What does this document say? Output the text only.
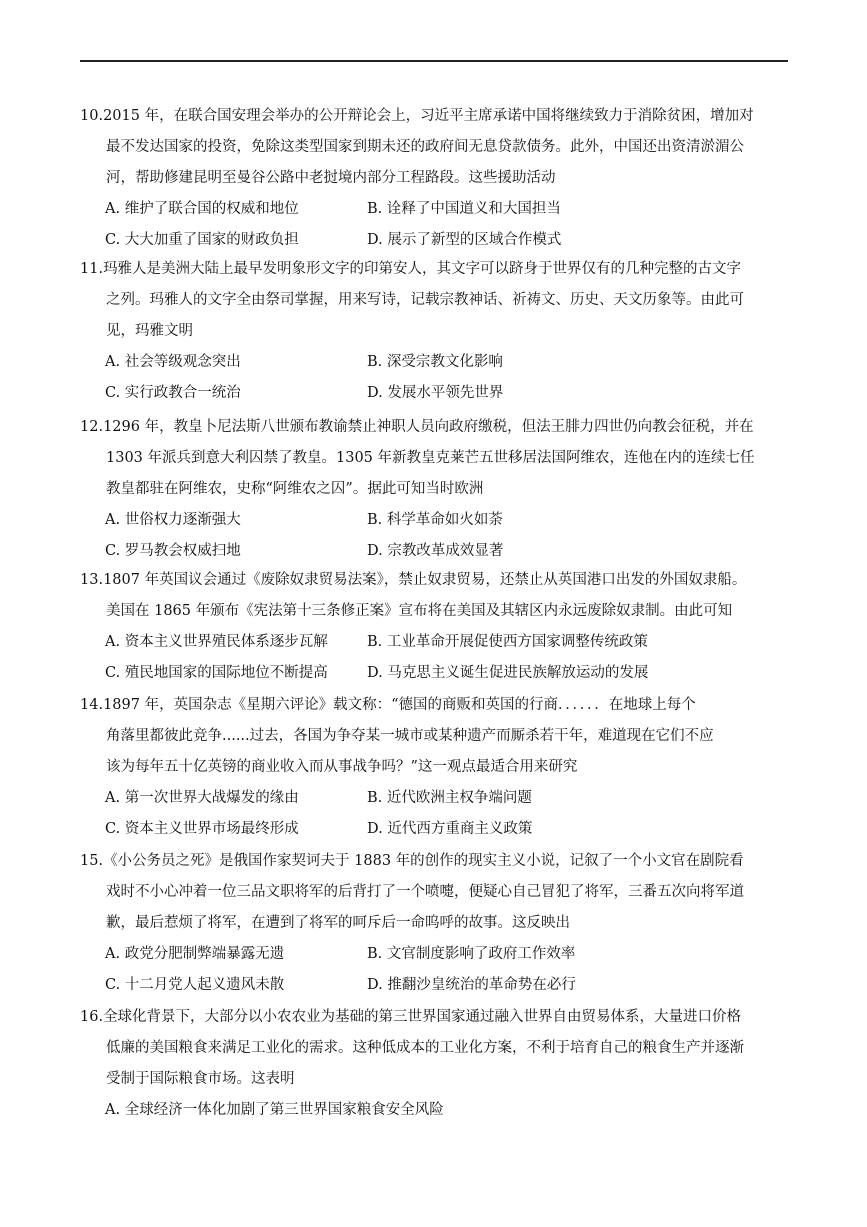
10.2015 年，在联合国安理会举办的公开辩论会上，习近平主席承诺中国将继续致力于消除贫困，增加对
最不发达国家的投资，免除这类型国家到期未还的政府间无息贷款债务。此外，中国还出资清淤湄公
河，帮助修建昆明至曼谷公路中老挝境内部分工程路段。这些援助活动
A. 维护了联合国的权威和地位	B. 诠释了中国道义和大国担当
C. 大大加重了国家的财政负担	D. 展示了新型的区域合作模式
11.玛雅人是美洲大陆上最早发明象形文字的印第安人，其文字可以跻身于世界仅有的几种完整的古文字
之列。玛雅人的文字全由祭司掌握，用来写诗，记载宗教神话、祈祷文、历史、天文历象等。由此可
见，玛雅文明
A. 社会等级观念突出	B. 深受宗教文化影响
C. 实行政教合一统治	D. 发展水平领先世界
12.1296 年，教皇卜尼法斯八世颁布教谕禁止神职人员向政府缴税，但法王腓力四世仍向教会征税，并在
1303 年派兵到意大利囚禁了教皇。1305 年新教皇克莱芒五世移居法国阿维农，连他在内的连续七任
教皇都驻在阿维农，史称“阿维农之囚”。据此可知当时欧洲
A. 世俗权力逐渐强大	B. 科学革命如火如荼
C. 罗马教会权威扫地	D. 宗教改革成效显著
13.1807 年英国议会通过《废除奴隶贸易法案》，禁止奴隶贸易，还禁止从英国港口出发的外国奴隶船。
美国在 1865 年颁布《宪法第十三条修正案》宣布将在美国及其辖区内永远废除奴隶制。由此可知
A. 资本主义世界殖民体系逐步瓦解	B. 工业革命开展促使西方国家调整传统政策
C. 殖民地国家的国际地位不断提高	D. 马克思主义诞生促进民族解放运动的发展
14.1897 年，英国杂志《星期六评论》载文称：“德国的商贩和英国的行商．．．．．．在地球上每个
角落里都彼此竞争......过去，各国为争夺某一城市或某种遗产而厮杀若干年，难道现在它们不应
该为每年五十亿英镑的商业收入而从事战争吗？”这一观点最适合用来研究
A. 第一次世界大战爆发的缘由	B. 近代欧洲主权争端问题
C. 资本主义世界市场最终形成	D. 近代西方重商主义政策
15.《小公务员之死》是俄国作家契诃夫于 1883 年的创作的现实主义小说，记叙了一个小文官在剧院看
戏时不小心冲着一位三品文职将军的后背打了一个喷嚏，便疑心自己冒犯了将军，三番五次向将军道
歉，最后惹烦了将军，在遭到了将军的呵斥后一命呜呼的故事。这反映出
A. 政党分肥制弊端暴露无遗	B. 文官制度影响了政府工作效率
C. 十二月党人起义遗风未散	D. 推翻沙皇统治的革命势在必行
16.全球化背景下，大部分以小农农业为基础的第三世界国家通过融入世界自由贸易体系，大量进口价格
低廉的美国粮食来满足工业化的需求。这种低成本的工业化方案，不利于培育自己的粮食生产并逐渐
受制于国际粮食市场。这表明
A. 全球经济一体化加剧了第三世界国家粮食安全风险
